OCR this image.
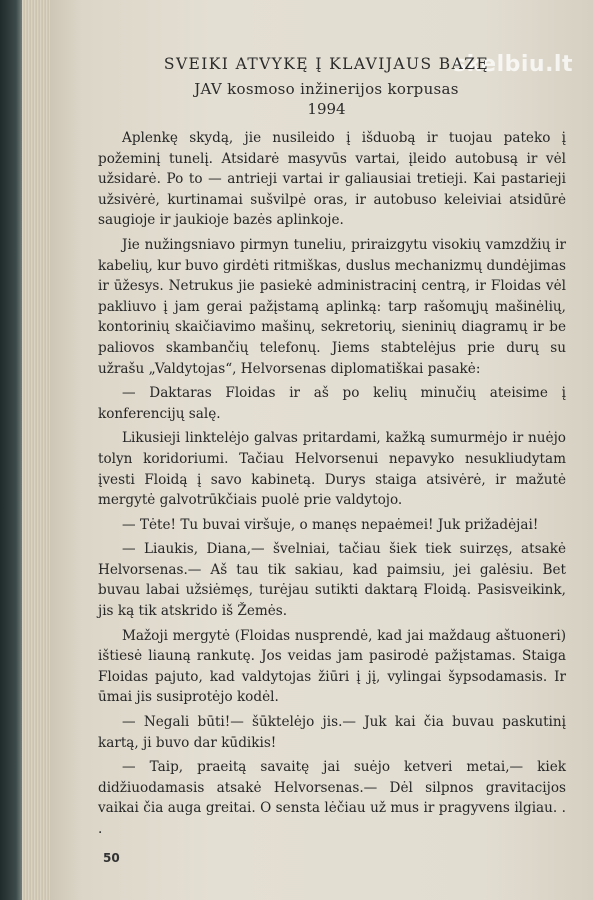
skelbiu.lt
SVEIKI ATVYKĘ Į KLAVIJAUS BAZĘ
JAV kosmoso inžinerijos korpusas
1994

Aplenkę skydą, jie nusileido į išduobą ir tuojau pateko į požeminį tunelį. Atsidarė masyvūs vartai, įleido autobusą ir vėl užsidarė. Po to — antrieji vartai ir galiausiai tretieji. Kai pastarieji užsivėrė, kurtinamai sušvilpė oras, ir autobuso keleiviai atsidūrė saugioje ir jaukioje bazės aplinkoje.

Jie nužingsniavo pirmyn tuneliu, priraizgytu visokių vamzdžių ir kabelių, kur buvo girdėti ritmiškas, duslus mechanizmų dundėjimas ir ūžesys. Netrukus jie pasiekė administracinį centrą, ir Floidas vėl pakliuvo į jam gerai pažįstamą aplinką: tarp rašomųjų mašinėlių, kontorinių skaičiavimo mašinų, sekretorių, sieninių diagramų ir be paliovos skambančių telefonų. Jiems stabtelėjus prie durų su užrašu „Valdytojas“, Helvorsenas diplomatiškai pasakė:

— Daktaras Floidas ir aš po kelių minučių ateisime į konferencijų salę.

Likusieji linktelėjo galvas pritardami, kažką sumurmėjo ir nuėjo tolyn koridoriumi. Tačiau Helvorsenui nepavyko nesukliudytam įvesti Floidą į savo kabinetą. Durys staiga atsivėrė, ir mažutė mergytė galvotrūkčiais puolė prie valdytojo.

— Tėte! Tu buvai viršuje, o manęs nepaėmei! Juk prižadėjai!

— Liaukis, Diana,— švelniai, tačiau šiek tiek suirzęs, atsakė Helvorsenas.— Aš tau tik sakiau, kad paimsiu, jei galėsiu. Bet buvau labai užsiėmęs, turėjau sutikti daktarą Floidą. Pasisveikink, jis ką tik atskrido iš Žemės.

Mažoji mergytė (Floidas nusprendė, kad jai maždaug aštuoneri) ištiesė liauną rankutę. Jos veidas jam pasirodė pažįstamas. Staiga Floidas pajuto, kad valdytojas žiūri į jį, vylingai šypsodamasis. Ir ūmai jis susiprotėjo kodėl.

— Negali būti!— šūktelėjo jis.— Juk kai čia buvau paskutinį kartą, ji buvo dar kūdikis!

— Taip, praeitą savaitę jai suėjo ketveri metai,— kiek didžiuodamasis atsakė Helvorsenas.— Dėl silpnos gravitacijos vaikai čia auga greitai. O sensta lėčiau už mus ir pragyvens ilgiau. . .

50
